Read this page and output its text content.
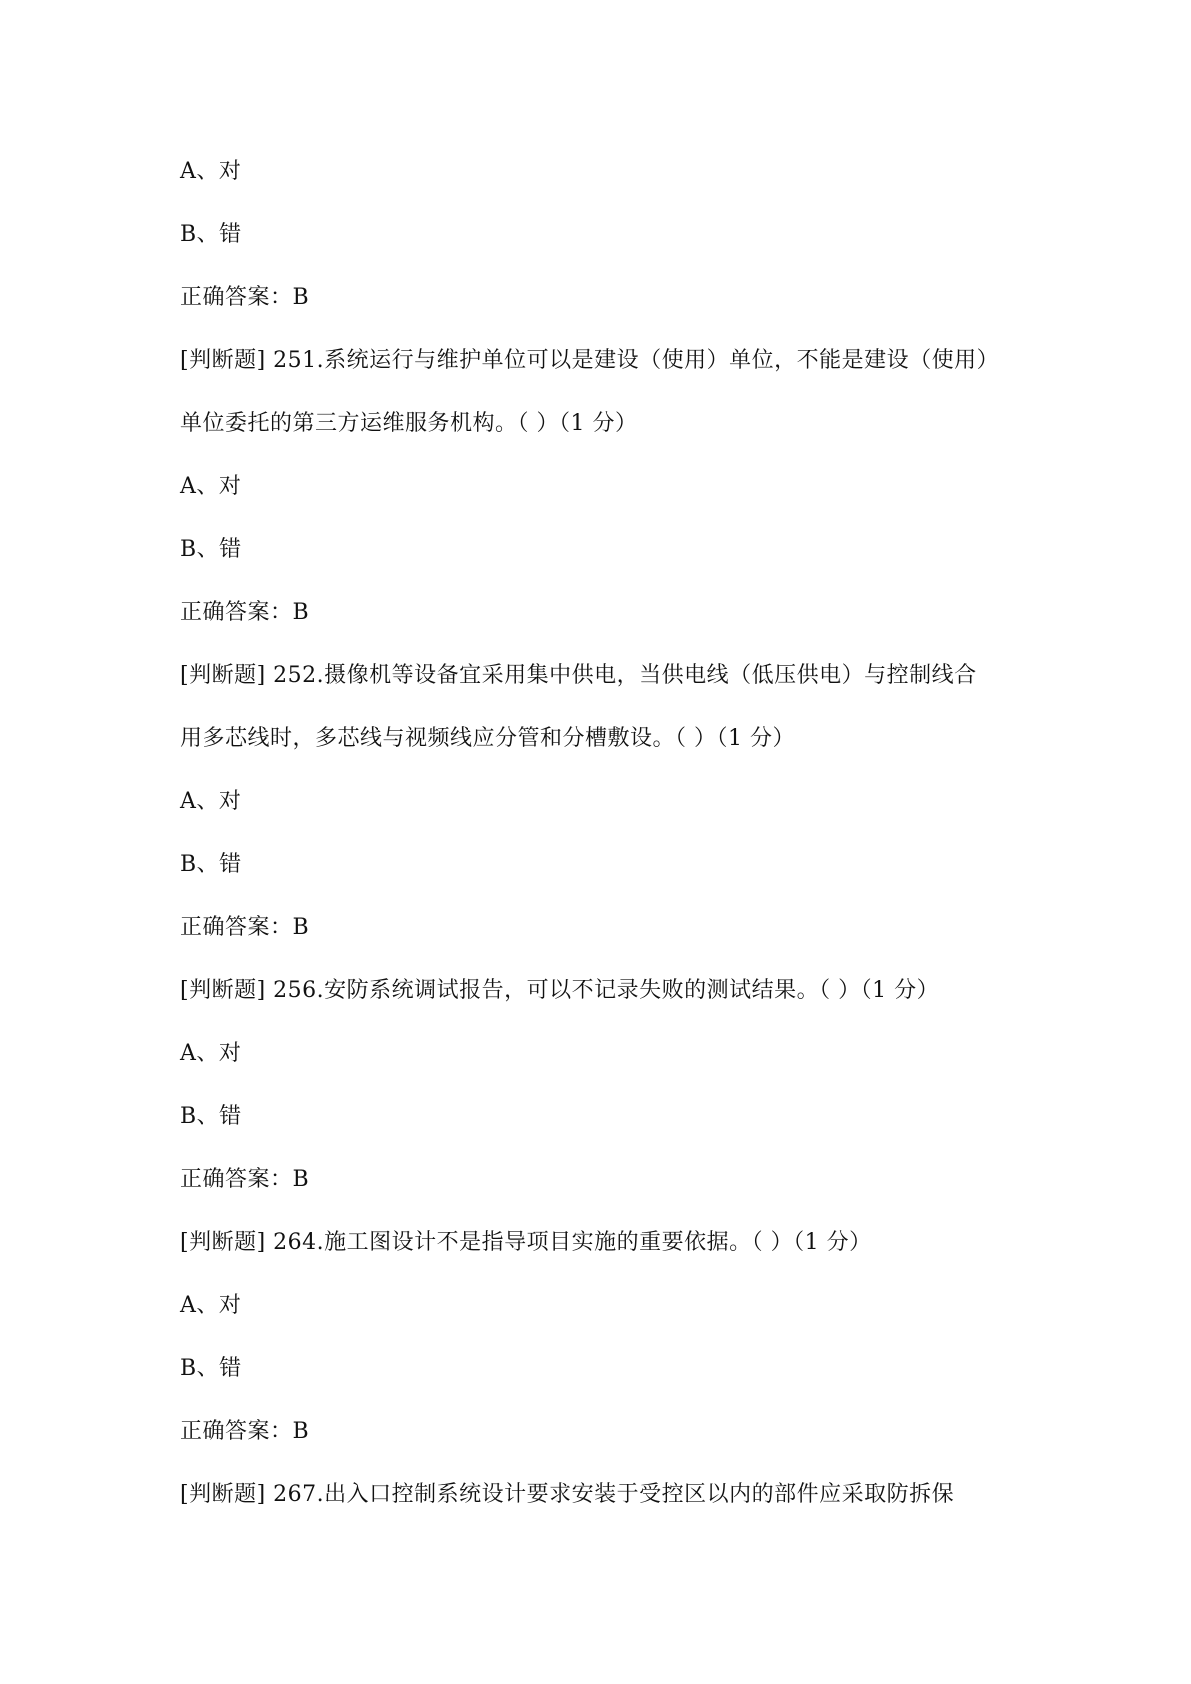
A、对
B、错
正确答案：B
[判断题] 251.系统运行与维护单位可以是建设（使用）单位，不能是建设（使用）
单位委托的第三方运维服务机构。（ ）（1 分）
A、对
B、错
正确答案：B
[判断题] 252.摄像机等设备宜采用集中供电，当供电线（低压供电）与控制线合
用多芯线时，多芯线与视频线应分管和分槽敷设。（ ）（1 分）
A、对
B、错
正确答案：B
[判断题] 256.安防系统调试报告，可以不记录失败的测试结果。（ ）（1 分）
A、对
B、错
正确答案：B
[判断题] 264.施工图设计不是指导项目实施的重要依据。（ ）（1 分）
A、对
B、错
正确答案：B
[判断题] 267.出入口控制系统设计要求安装于受控区以内的部件应采取防拆保
